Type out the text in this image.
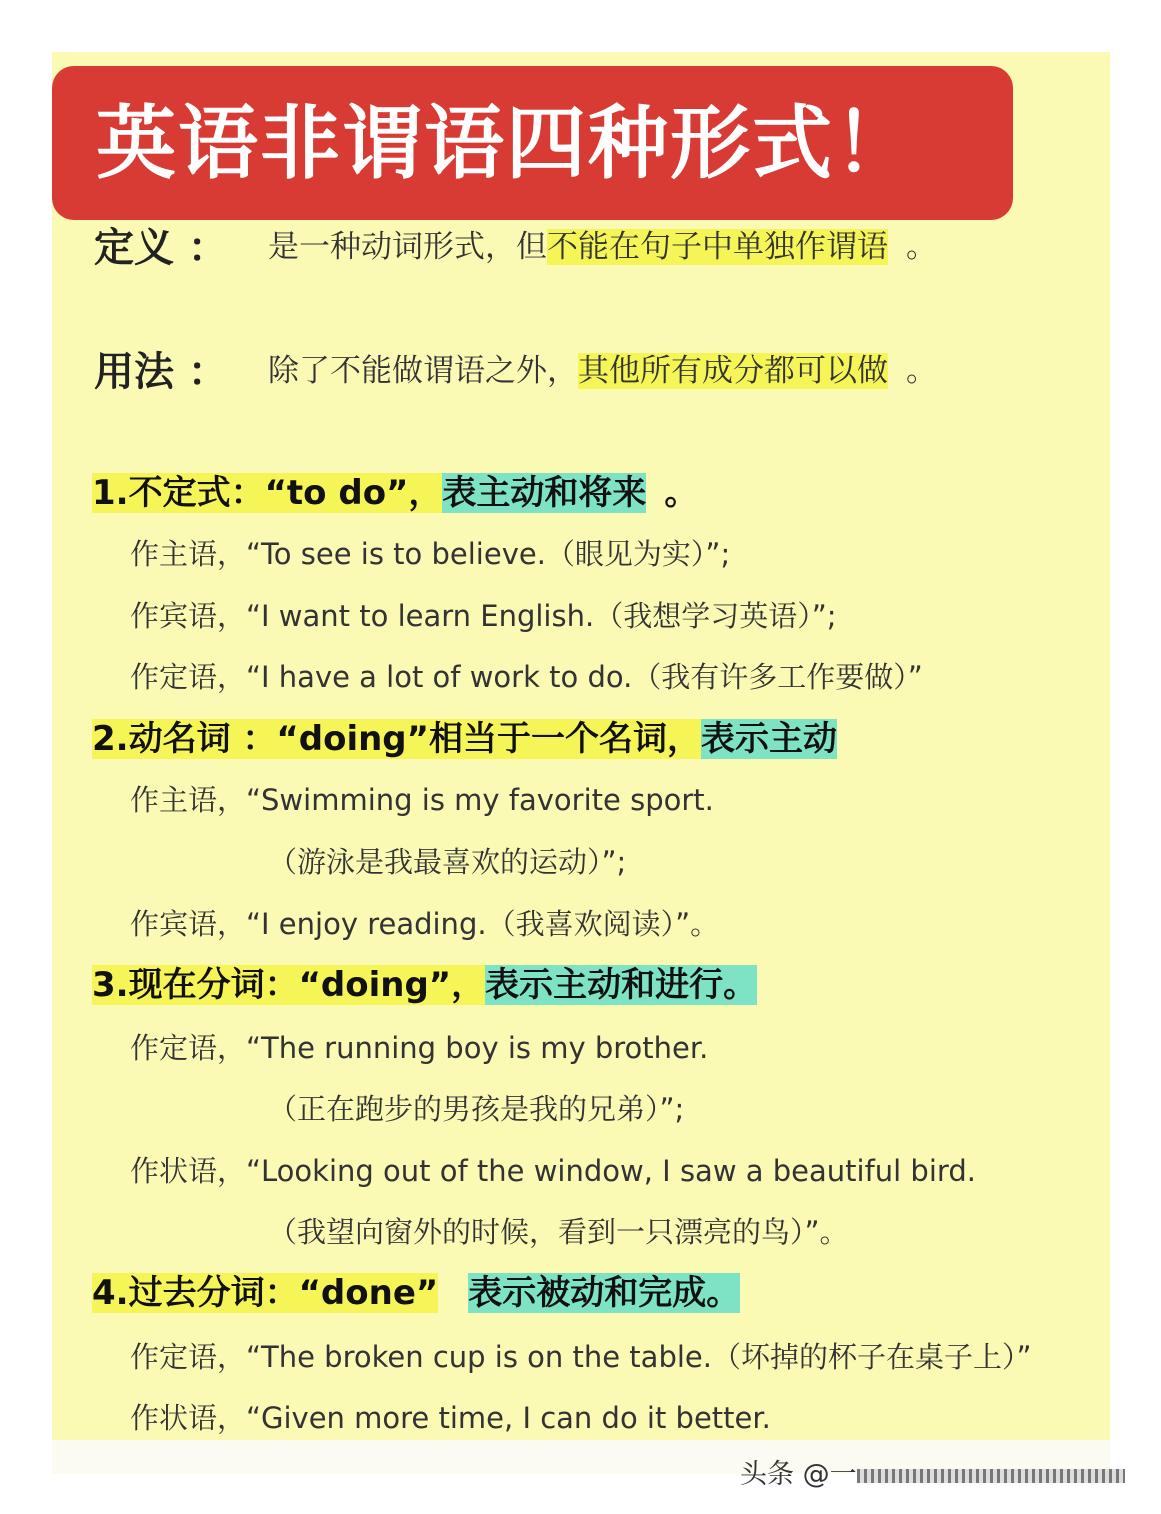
英语非谓语四种形式！
定义 ： 是一种动词形式，但不能在句子中单独作谓语 。
用法 ： 除了不能做谓语之外，其他所有成分都可以做 。
1.不定式：“to do”，表主动和将来 。
作主语，“To see is to believe.（眼见为实）”;
作宾语，“I want to learn English.（我想学习英语）”;
作定语，“I have a lot of work to do.（我有许多工作要做）”
2.动名词 ：“doing”相当于一个名词，表示主动
作主语，“Swimming is my favorite sport.
（游泳是我最喜欢的运动）”;
作宾语，“I enjoy reading.（我喜欢阅读）”。
3.现在分词：“doing”，表示主动和进行。
作定语，“The running boy is my brother.
（正在跑步的男孩是我的兄弟）”;
作状语，“Looking out of the window, I saw a beautiful bird.
（我望向窗外的时候，看到一只漂亮的鸟）”。
4.过去分词：“done” 表示被动和完成。
作定语，“The broken cup is on the table.（坏掉的杯子在桌子上）”
作状语，“Given more time, I can do it better.
头条 @一
